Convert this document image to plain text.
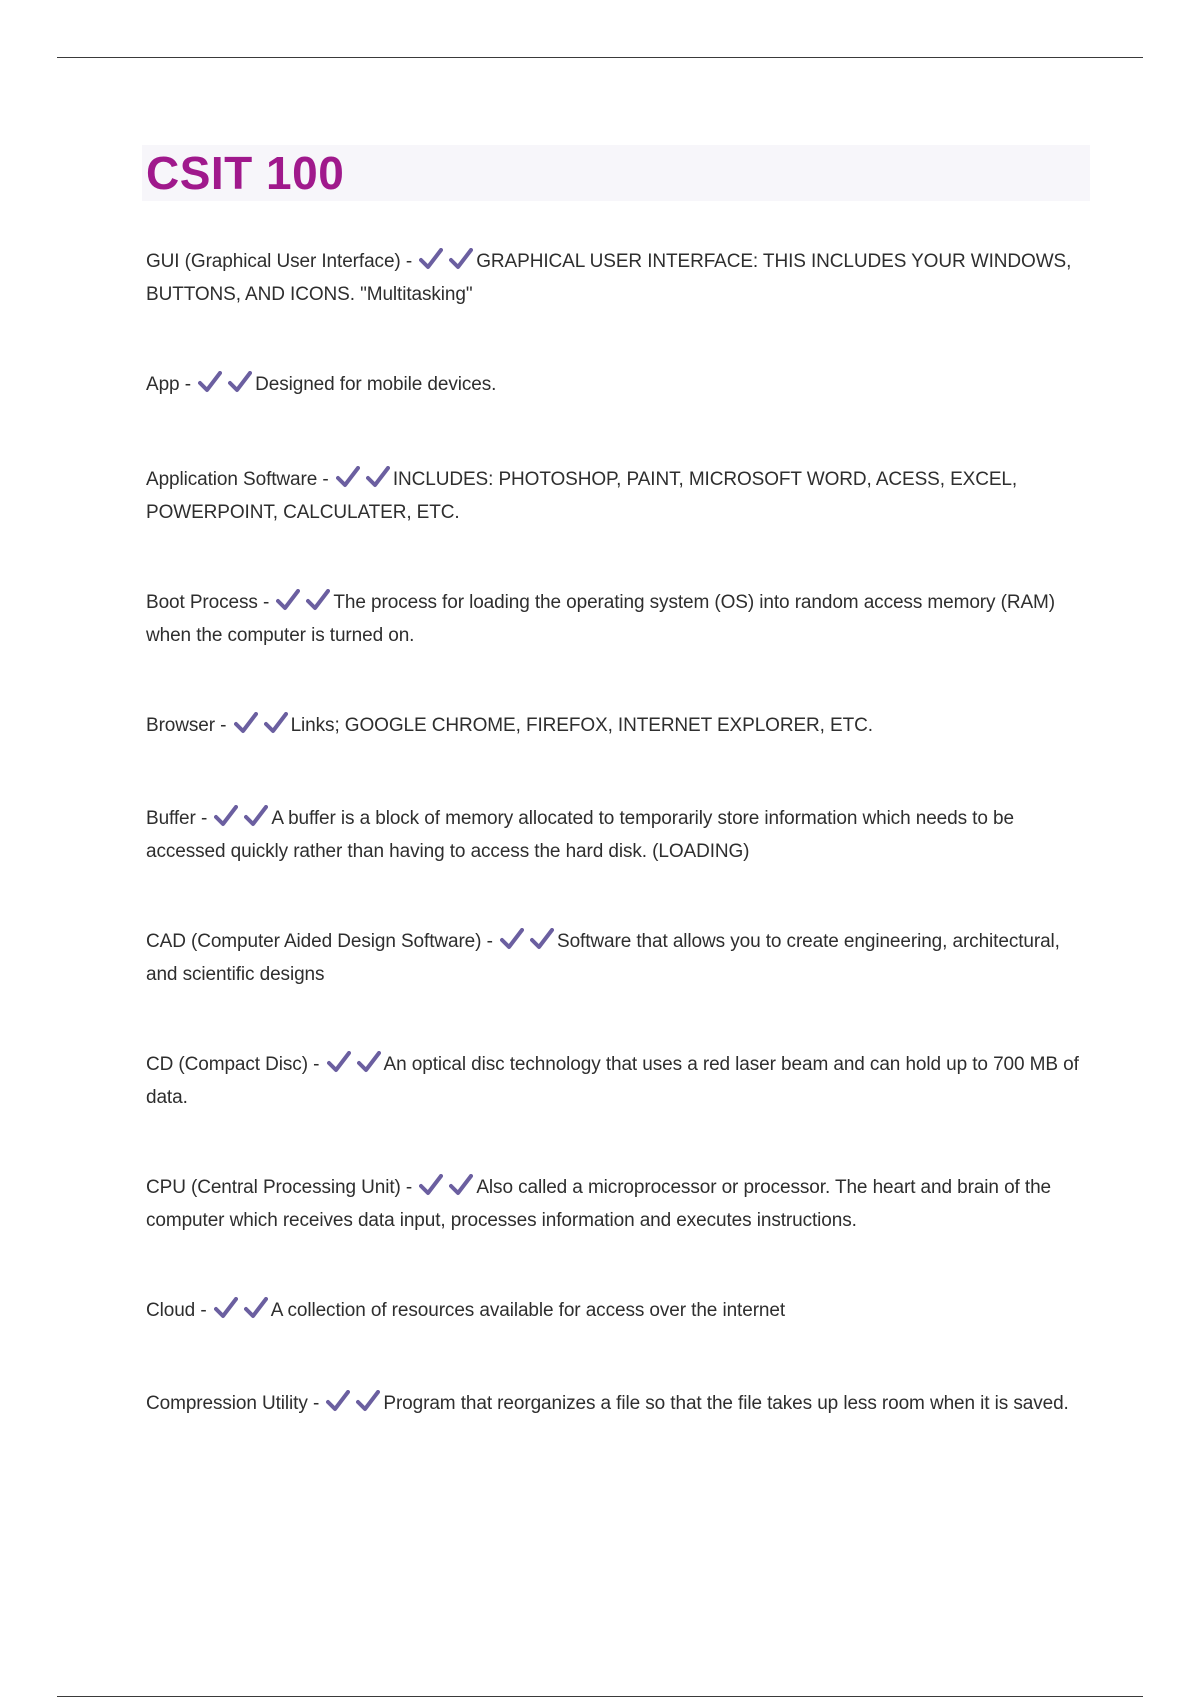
CSIT 100
GUI (Graphical User Interface) -	GRAPHICAL USER INTERFACE: THIS INCLUDES YOUR WINDOWS, BUTTONS, AND ICONS. "Multitasking"
App -	Designed for mobile devices.
Application Software -	INCLUDES: PHOTOSHOP, PAINT, MICROSOFT WORD, ACESS, EXCEL, POWERPOINT, CALCULATER, ETC.
Boot Process -	The process for loading the operating system (OS) into random access memory (RAM) when the computer is turned on.
Browser -	Links; GOOGLE CHROME, FIREFOX, INTERNET EXPLORER, ETC.
Buffer -	A buffer is a block of memory allocated to temporarily store information which needs to be accessed quickly rather than having to access the hard disk. (LOADING)
CAD (Computer Aided Design Software) -	Software that allows you to create engineering, architectural, and scientific designs
CD (Compact Disc) -	An optical disc technology that uses a red laser beam and can hold up to 700 MB of data.
CPU (Central Processing Unit) -	Also called a microprocessor or processor. The heart and brain of the computer which receives data input, processes information and executes instructions.
Cloud -	A collection of resources available for access over the internet
Compression Utility -	Program that reorganizes a file so that the file takes up less room when it is saved.
